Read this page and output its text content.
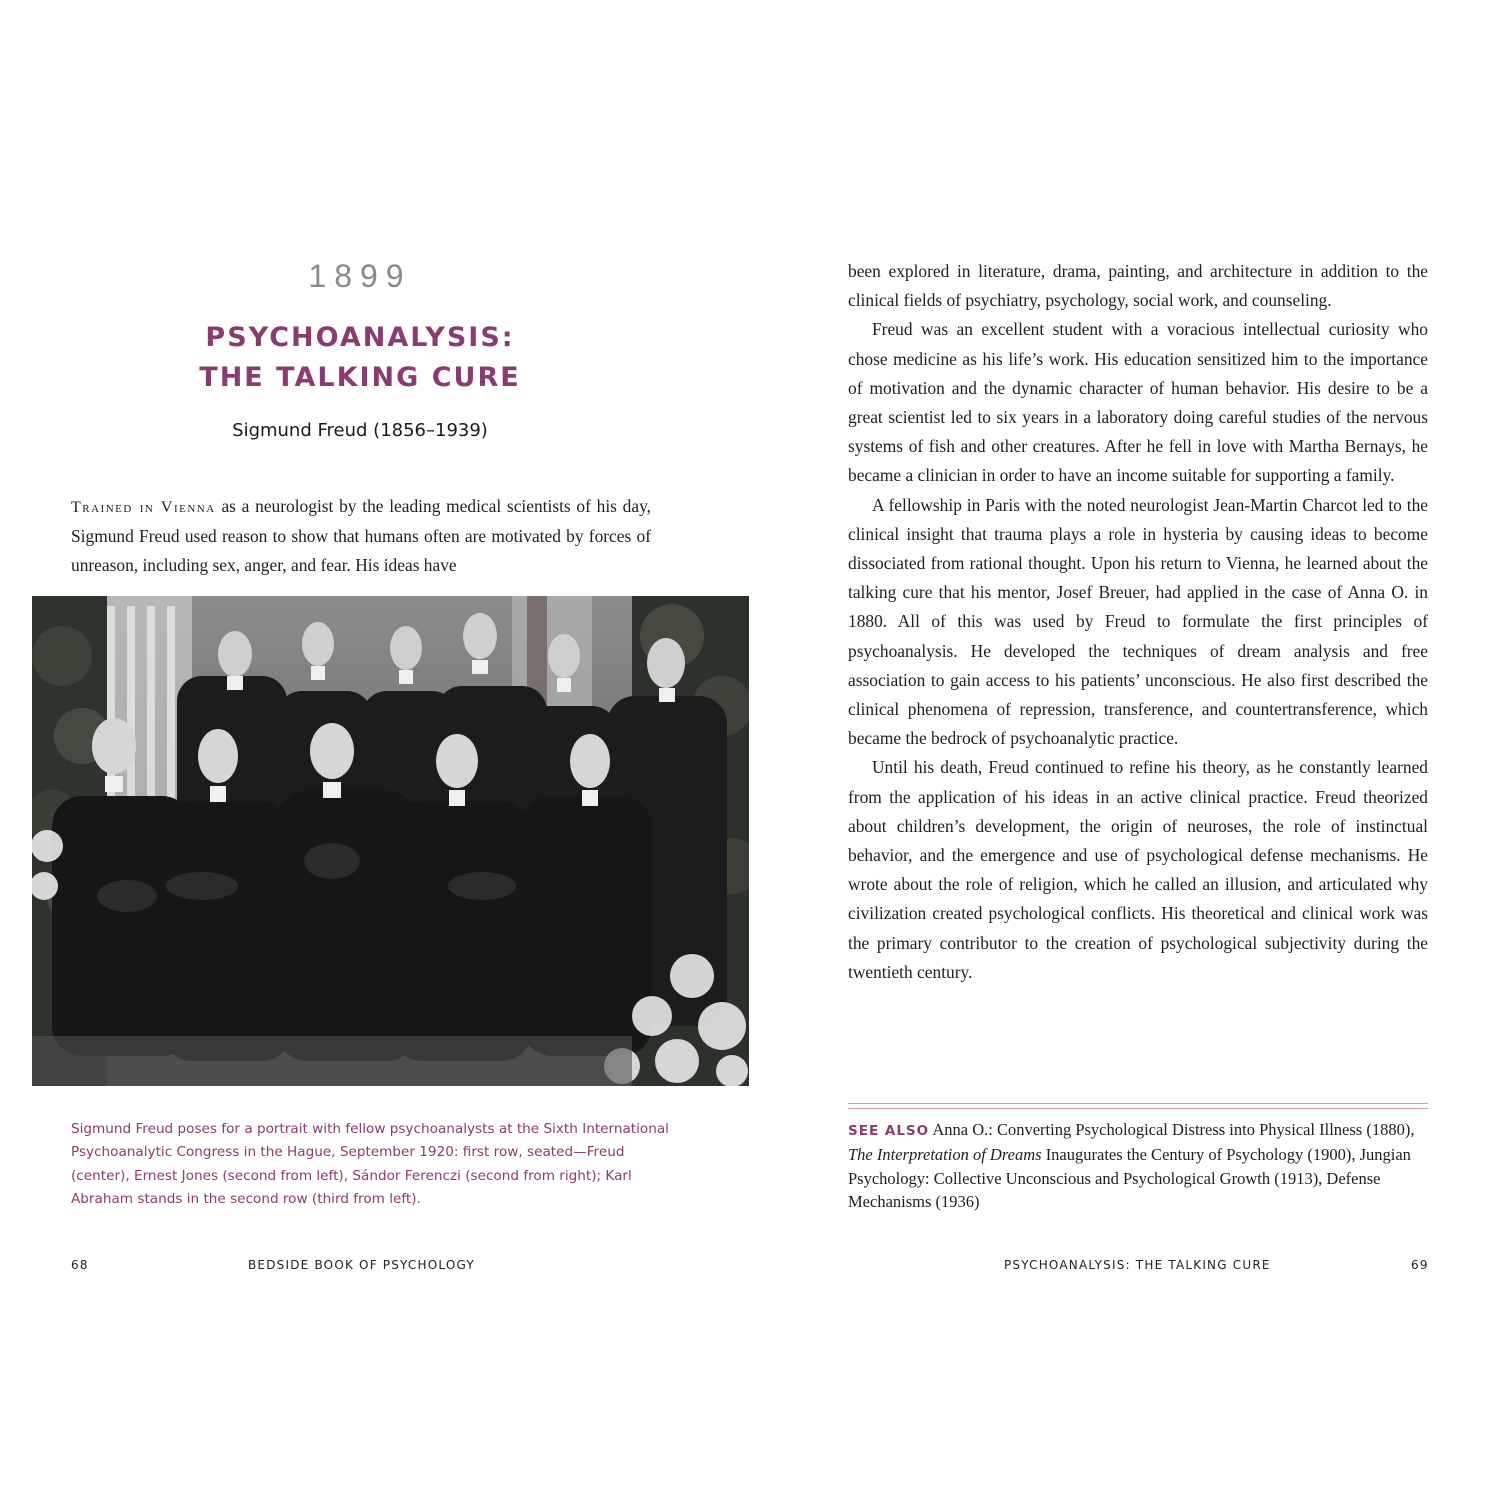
1899
PSYCHOANALYSIS:
THE TALKING CURE
Sigmund Freud (1856–1939)

Trained in Vienna as a neurologist by the leading medical scientists of his day, Sigmund Freud used reason to show that humans often are motivated by forces of unreason, including sex, anger, and fear. His ideas have

Sigmund Freud poses for a portrait with fellow psychoanalysts at the Sixth International Psychoanalytic Congress in the Hague, September 1920: first row, seated—Freud (center), Ernest Jones (second from left), Sándor Ferenczi (second from right); Karl Abraham stands in the second row (third from left).

68	BEDSIDE BOOK OF PSYCHOLOGY

been explored in literature, drama, painting, and architecture in addition to the clinical fields of psychiatry, psychology, social work, and counseling.

Freud was an excellent student with a voracious intellectual curiosity who chose medicine as his life’s work. His education sensitized him to the importance of motivation and the dynamic character of human behavior. His desire to be a great scientist led to six years in a laboratory doing careful studies of the nervous systems of fish and other creatures. After he fell in love with Martha Bernays, he became a clinician in order to have an income suitable for supporting a family.

A fellowship in Paris with the noted neurologist Jean-Martin Charcot led to the clinical insight that trauma plays a role in hysteria by causing ideas to become dissociated from rational thought. Upon his return to Vienna, he learned about the talking cure that his mentor, Josef Breuer, had applied in the case of Anna O. in 1880. All of this was used by Freud to formulate the first principles of psychoanalysis. He developed the techniques of dream analysis and free association to gain access to his patients’ unconscious. He also first described the clinical phenomena of repression, transference, and countertransference, which became the bedrock of psychoanalytic practice.

Until his death, Freud continued to refine his theory, as he constantly learned from the application of his ideas in an active clinical practice. Freud theorized about children’s development, the origin of neuroses, the role of instinctual behavior, and the emergence and use of psychological defense mechanisms. He wrote about the role of religion, which he called an illusion, and articulated why civilization created psychological conflicts. His theoretical and clinical work was the primary contributor to the creation of psychological subjectivity during the twentieth century.

SEE ALSO Anna O.: Converting Psychological Distress into Physical Illness (1880), The Interpretation of Dreams Inaugurates the Century of Psychology (1900), Jungian Psychology: Collective Unconscious and Psychological Growth (1913), Defense Mechanisms (1936)

PSYCHOANALYSIS: THE TALKING CURE	69
